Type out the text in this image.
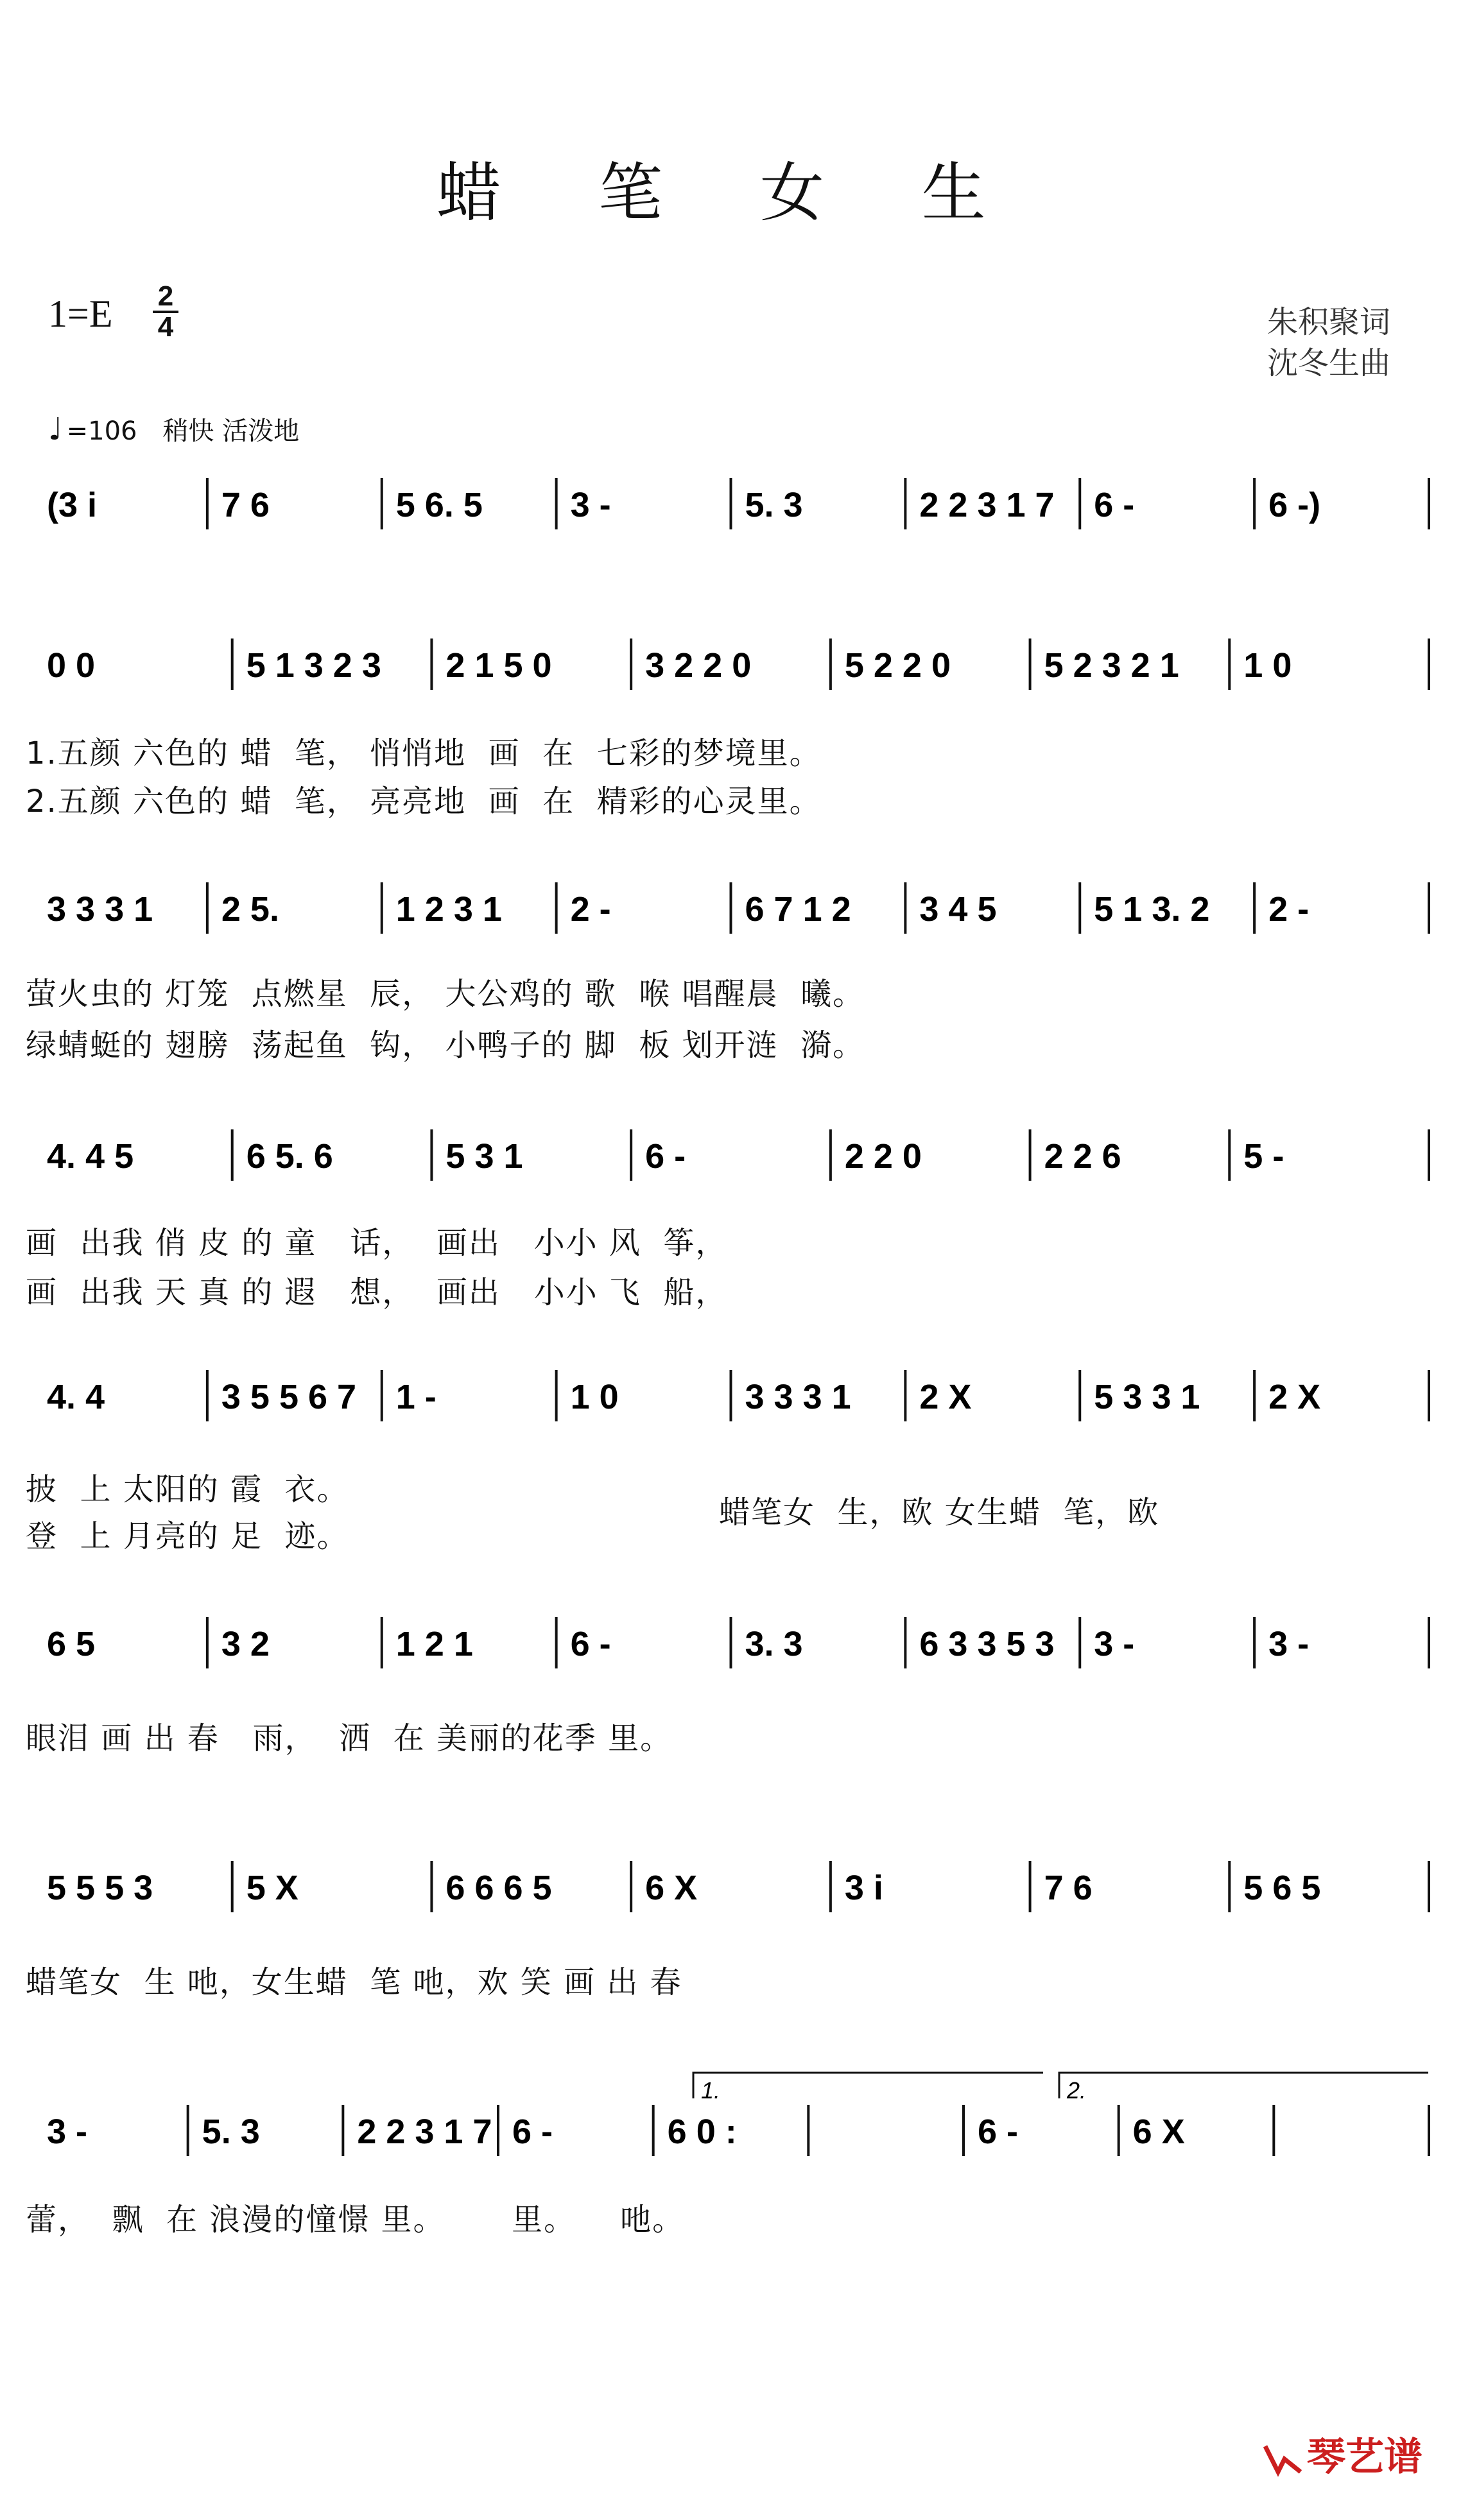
蜡 笔 女 生
$1=E \frac{2}{4}$	朱积聚词
沈冬生曲
♩ =106 稍快 活泼地
(3 i	7 6	5 6. 5	3 -	5. 3	2 2 3 1 7 6 -	6 -)
0 0	5 1 3 2 3 2 1 5 0	3 2 2 0	5 2 2 0	5 2 3 2 1 1 0
3 3 3 1 2 5.	1 2 3 1 2 -	6 7 1 2 3 4 5	5 1 3. 2 2 -
4. 4 5	6 5. 6	5 3 1	6 -	2 2 0	2 2 6	5 -
4. 4	3 5 5 6 7 1 -	1 0	3 3 3 1 2 X	5 3 3 1 2 X
6 5	3 2	1 2 1	6 -	3. 3	6 3 3 5 3 3 -	3 -
5 5 5 3	5 X	6 6 6 5	6 X	3 i	7 6	5 6 5
3 -	5. 3	2 2 3 1 7 6 -	6 0 :	6 -	6 X
1.	2.
1.五颜 六色的 蜡  笔， 悄悄地  画  在  七彩的梦境里。
2.五颜 六色的 蜡  笔， 亮亮地  画  在  精彩的心灵里。
萤火虫的 灯笼  点燃星  辰， 大公鸡的 歌  喉 唱醒晨  曦。
绿蜻蜓的 翅膀  荡起鱼  钩， 小鸭子的 脚  板 划开涟  漪。
画  出我 俏 皮 的 童   话，  画出   小小 风  筝，
画  出我 天 真 的 遐   想，  画出   小小 飞  船，
披  上 太阳的 霞  衣。
登  上 月亮的 足  迹。
蜡笔女  生，欧 女生蜡  笔，欧
眼泪 画 出 春   雨，  洒  在 美丽的花季 里。
蜡笔女  生 吔，女生蜡  笔 吔，欢 笑 画 出 春
蕾，  飘  在 浪漫的憧憬 里。      里。    吔。
琴艺谱
